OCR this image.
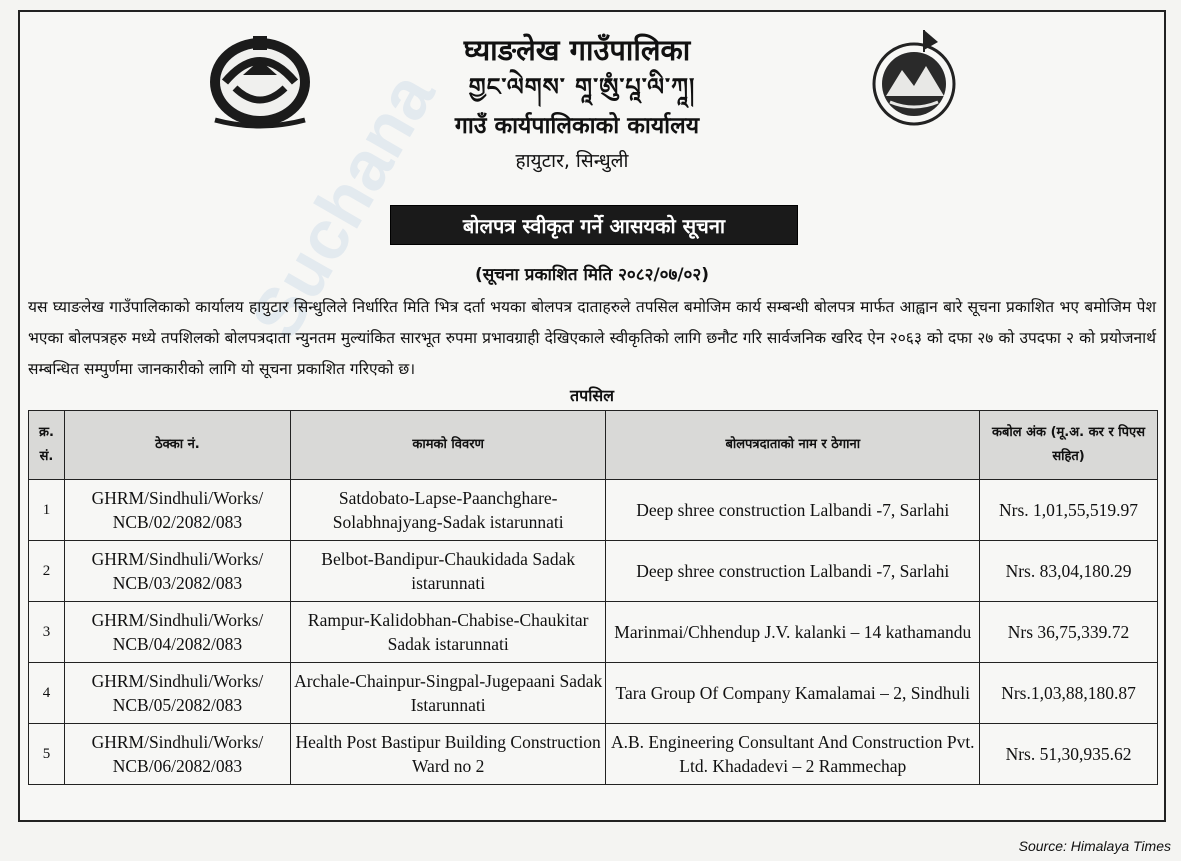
Suchana
घ्याङलेख गाउँपालिका
གྱང་ལེགས་ གཱ་ཨུཾ་པཱ་ལི་ཀཱ།
गाउँ कार्यपालिकाको कार्यालय
हायुटार, सिन्धुली
बोलपत्र स्वीकृत गर्ने आसयको सूचना
(सूचना प्रकाशित मिति २०८२/०७/०२)
यस घ्याङलेख गाउँपालिकाको कार्यालय हायुटार सिन्धुलिले निर्धारित मिति भित्र दर्ता भयका बोलपत्र दाताहरुले तपसिल बमोजिम कार्य सम्बन्धी बोलपत्र मार्फत आह्वान बारे सूचना प्रकाशित भए बमोजिम पेश भएका बोलपत्रहरु मध्ये तपशिलको बोलपत्रदाता न्युनतम मुल्यांकित सारभूत रुपमा प्रभावग्राही देखिएकाले स्वीकृतिको लागि छनौट गरि सार्वजनिक खरिद ऐन २०६३ को दफा २७ को उपदफा २ को प्रयोजनार्थ सम्बन्धित सम्पुर्णमा जानकारीको लागि यो सूचना प्रकाशित गरिएको छ।
तपसिल
क्र. सं.	ठेक्का नं.	कामको विवरण	बोलपत्रदाताको नाम र ठेगाना	कबोल अंक (मू.अ. कर र पिएस सहित)
1	GHRM/Sindhuli/Works/ NCB/02/2082/083	Satdobato-Lapse-Paanchghare-Solabhnajyang-Sadak istarunnati	Deep shree construction Lalbandi -7, Sarlahi	Nrs. 1,01,55,519.97
2	GHRM/Sindhuli/Works/ NCB/03/2082/083	Belbot-Bandipur-Chaukidada Sadak istarunnati	Deep shree construction Lalbandi -7, Sarlahi	Nrs. 83,04,180.29
3	GHRM/Sindhuli/Works/ NCB/04/2082/083	Rampur-Kalidobhan-Chabise-Chaukitar Sadak istarunnati	Marinmai/Chhendup J.V. kalanki – 14 kathamandu	Nrs 36,75,339.72
4	GHRM/Sindhuli/Works/ NCB/05/2082/083	Archale-Chainpur-Singpal-Jugepaani Sadak Istarunnati	Tara Group Of Company Kamalamai – 2, Sindhuli	Nrs.1,03,88,180.87
5	GHRM/Sindhuli/Works/ NCB/06/2082/083	Health Post Bastipur Building Construction Ward no 2	A.B. Engineering Consultant And Construction Pvt. Ltd. Khadadevi – 2 Rammechap	Nrs. 51,30,935.62
Source: Himalaya Times
